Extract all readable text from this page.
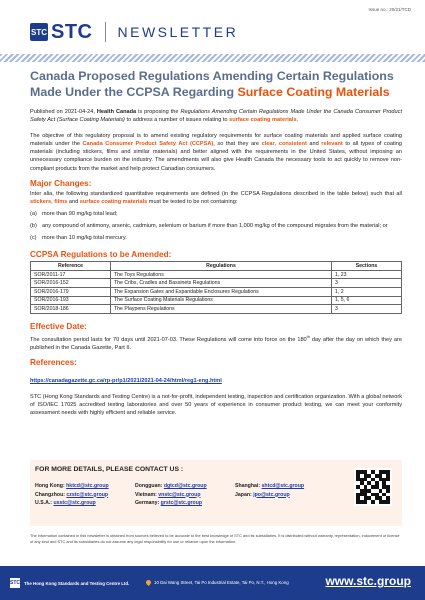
Issue no.: 20/21/TCD
STC STC NEWSLETTER
Canada Proposed Regulations Amending Certain Regulations Made Under the CCPSA Regarding Surface Coating Materials

Published on 2021-04-24, Health Canada is proposing the Regulations Amending Certain Regulations Made Under the Canada Consumer Product Safety Act (Surface Coating Materials) to address a number of issues relating to surface coating materials.

The objective of this regulatory proposal is to amend existing regulatory requirements for surface coating materials and applied surface coating materials under the Canada Consumer Product Safety Act (CCPSA), so that they are clear, consistent and relevant to all types of coating materials (including stickers, films and similar materials) and better aligned with the requirements in the United States, without imposing an unnecessary compliance burden on the industry. The amendments will also give Health Canada the necessary tools to act quickly to remove non-compliant products from the market and help protect Canadian consumers.

Major Changes:

Inter alia, the following standardized quantitative requirements are defined (in the CCPSA Regulations described in the table below) such that all stickers, films and surface coating materials must be tested to be not containing:

(a) more than 90 mg/kg total lead;
(b) any compound of antimony, arsenic, cadmium, selenium or barium if more than 1,000 mg/kg of the compound migrates from the material; or
(c) more than 10 mg/kg total mercury.
CCPSA Regulations to be Amended:
Reference	Regulations	Sections
SOR/2011-17	The Toys Regulations	1, 23
SOR/2016-152	The Cribs, Cradles and Bassinets Regulations	3
SOR/2016-179	The Expansion Gates and Expandable Enclosures Regulations	1, 2
SOR/2016-193	The Surface Coating Materials Regulations	1, 5, 6
SOR/2018-186	The Playpens Regulations	3
Effective Date:

The consultation period lasts for 70 days until 2021-07-03. These Regulations will come into force on the 180th day after the day on which they are published in the Canada Gazette, Part II.

References:
https://canadagazette.gc.ca/rp-pr/p1/2021/2021-04-24/html/reg1-eng.html

STC (Hong Kong Standards and Testing Centre) is a not-for-profit, independent testing, inspection and certification organization. With a global network of ISO/IEC 17025 accredited testing laboratories and over 50 years of experience in consumer product testing, we can meet your conformity assessment needs with highly efficient and reliable service.

FOR MORE DETAILS, PLEASE CONTACT US :
Hong Kong: hktcd@stc.group
Changzhou: czstc@stc.group
U.S.A.: usstc@stc.group
Dongguan: dgtcd@stc.group
Vietnam: vnstc@stc.group
Germany: grstc@stc.group
Shanghai: shtcd@stc.group
Japan: jpo@stc.group
The information contained in this newsletter is obtained from sources believed to be accurate to the best knowledge of STC and its subsidiaries. It is distributed without warranty, representation, inducement or license of any kind and STC and its subsidiaries do not assume any legal responsibility for use or reliance upon the information.
STC The Hong Kong Standards and Testing Centre Ltd.	10 Dai Wang Street, Tai Po Industrial Estate, Tai Po, N.T., Hong Kong	www.stc.group
